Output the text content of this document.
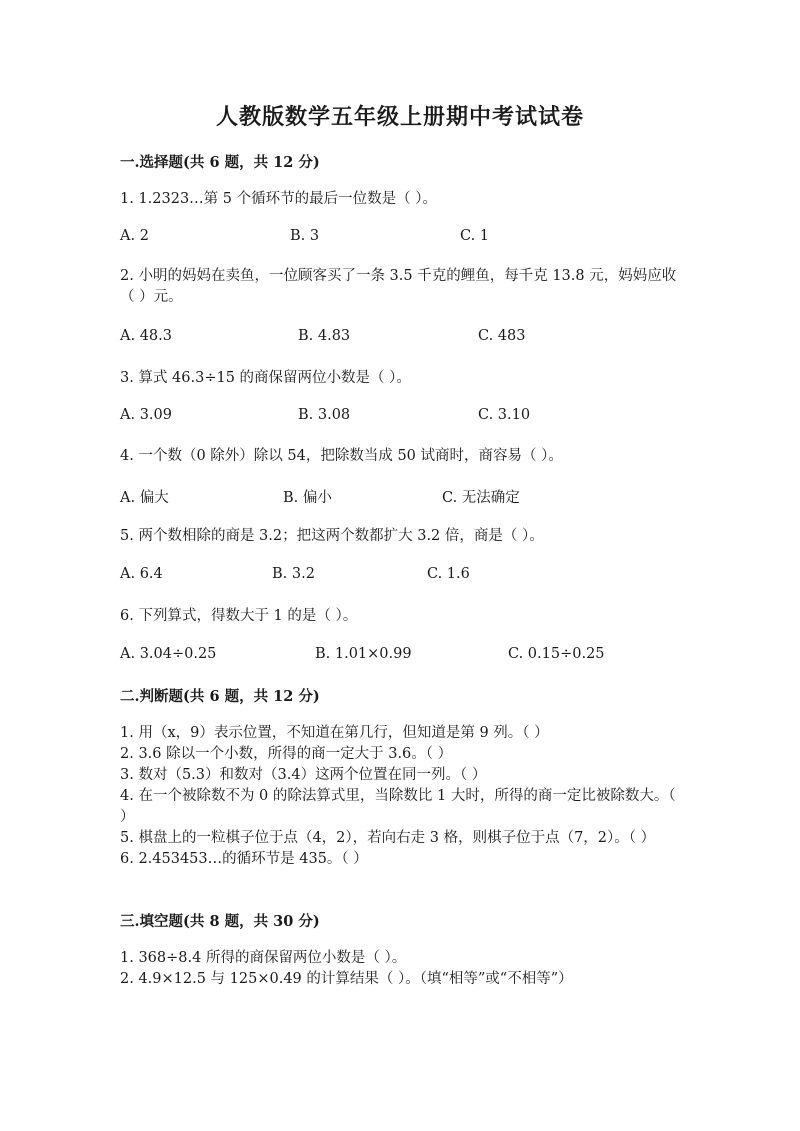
人教版数学五年级上册期中考试试卷
一.选择题(共 6 题，共 12 分)
1. 1.2323…第 5 个循环节的最后一位数是（ ）。
A. 2	B. 3	C. 1
2. 小明的妈妈在卖鱼，一位顾客买了一条 3.5 千克的鲤鱼，每千克 13.8 元，妈妈应收（ ）元。
A. 48.3	B. 4.83	C. 483
3. 算式 46.3÷15 的商保留两位小数是（ ）。
A. 3.09	B. 3.08	C. 3.10
4. 一个数（0 除外）除以 54，把除数当成 50 试商时，商容易（ ）。
A. 偏大	B. 偏小	C. 无法确定
5. 两个数相除的商是 3.2；把这两个数都扩大 3.2 倍，商是（ ）。
A. 6.4	B. 3.2	C. 1.6
6. 下列算式，得数大于 1 的是（ ）。
A. 3.04÷0.25	B. 1.01×0.99	C. 0.15÷0.25
二.判断题(共 6 题，共 12 分)

1. 用（x，9）表示位置，不知道在第几行，但知道是第 9 列。（ ）

2. 3.6 除以一个小数，所得的商一定大于 3.6。（ ）

3. 数对（5.3）和数对（3.4）这两个位置在同一列。（ ）

4. 在一个被除数不为 0 的除法算式里，当除数比 1 大时，所得的商一定比被除数大。（ ）

5. 棋盘上的一粒棋子位于点（4，2），若向右走 3 格，则棋子位于点（7，2）。（ ）

6. 2.453453…的循环节是 435。（ ）

三.填空题(共 8 题，共 30 分)

1. 368÷8.4 所得的商保留两位小数是（ ）。

2. 4.9×12.5 与 125×0.49 的计算结果（ ）。（填“相等”或“不相等”）
